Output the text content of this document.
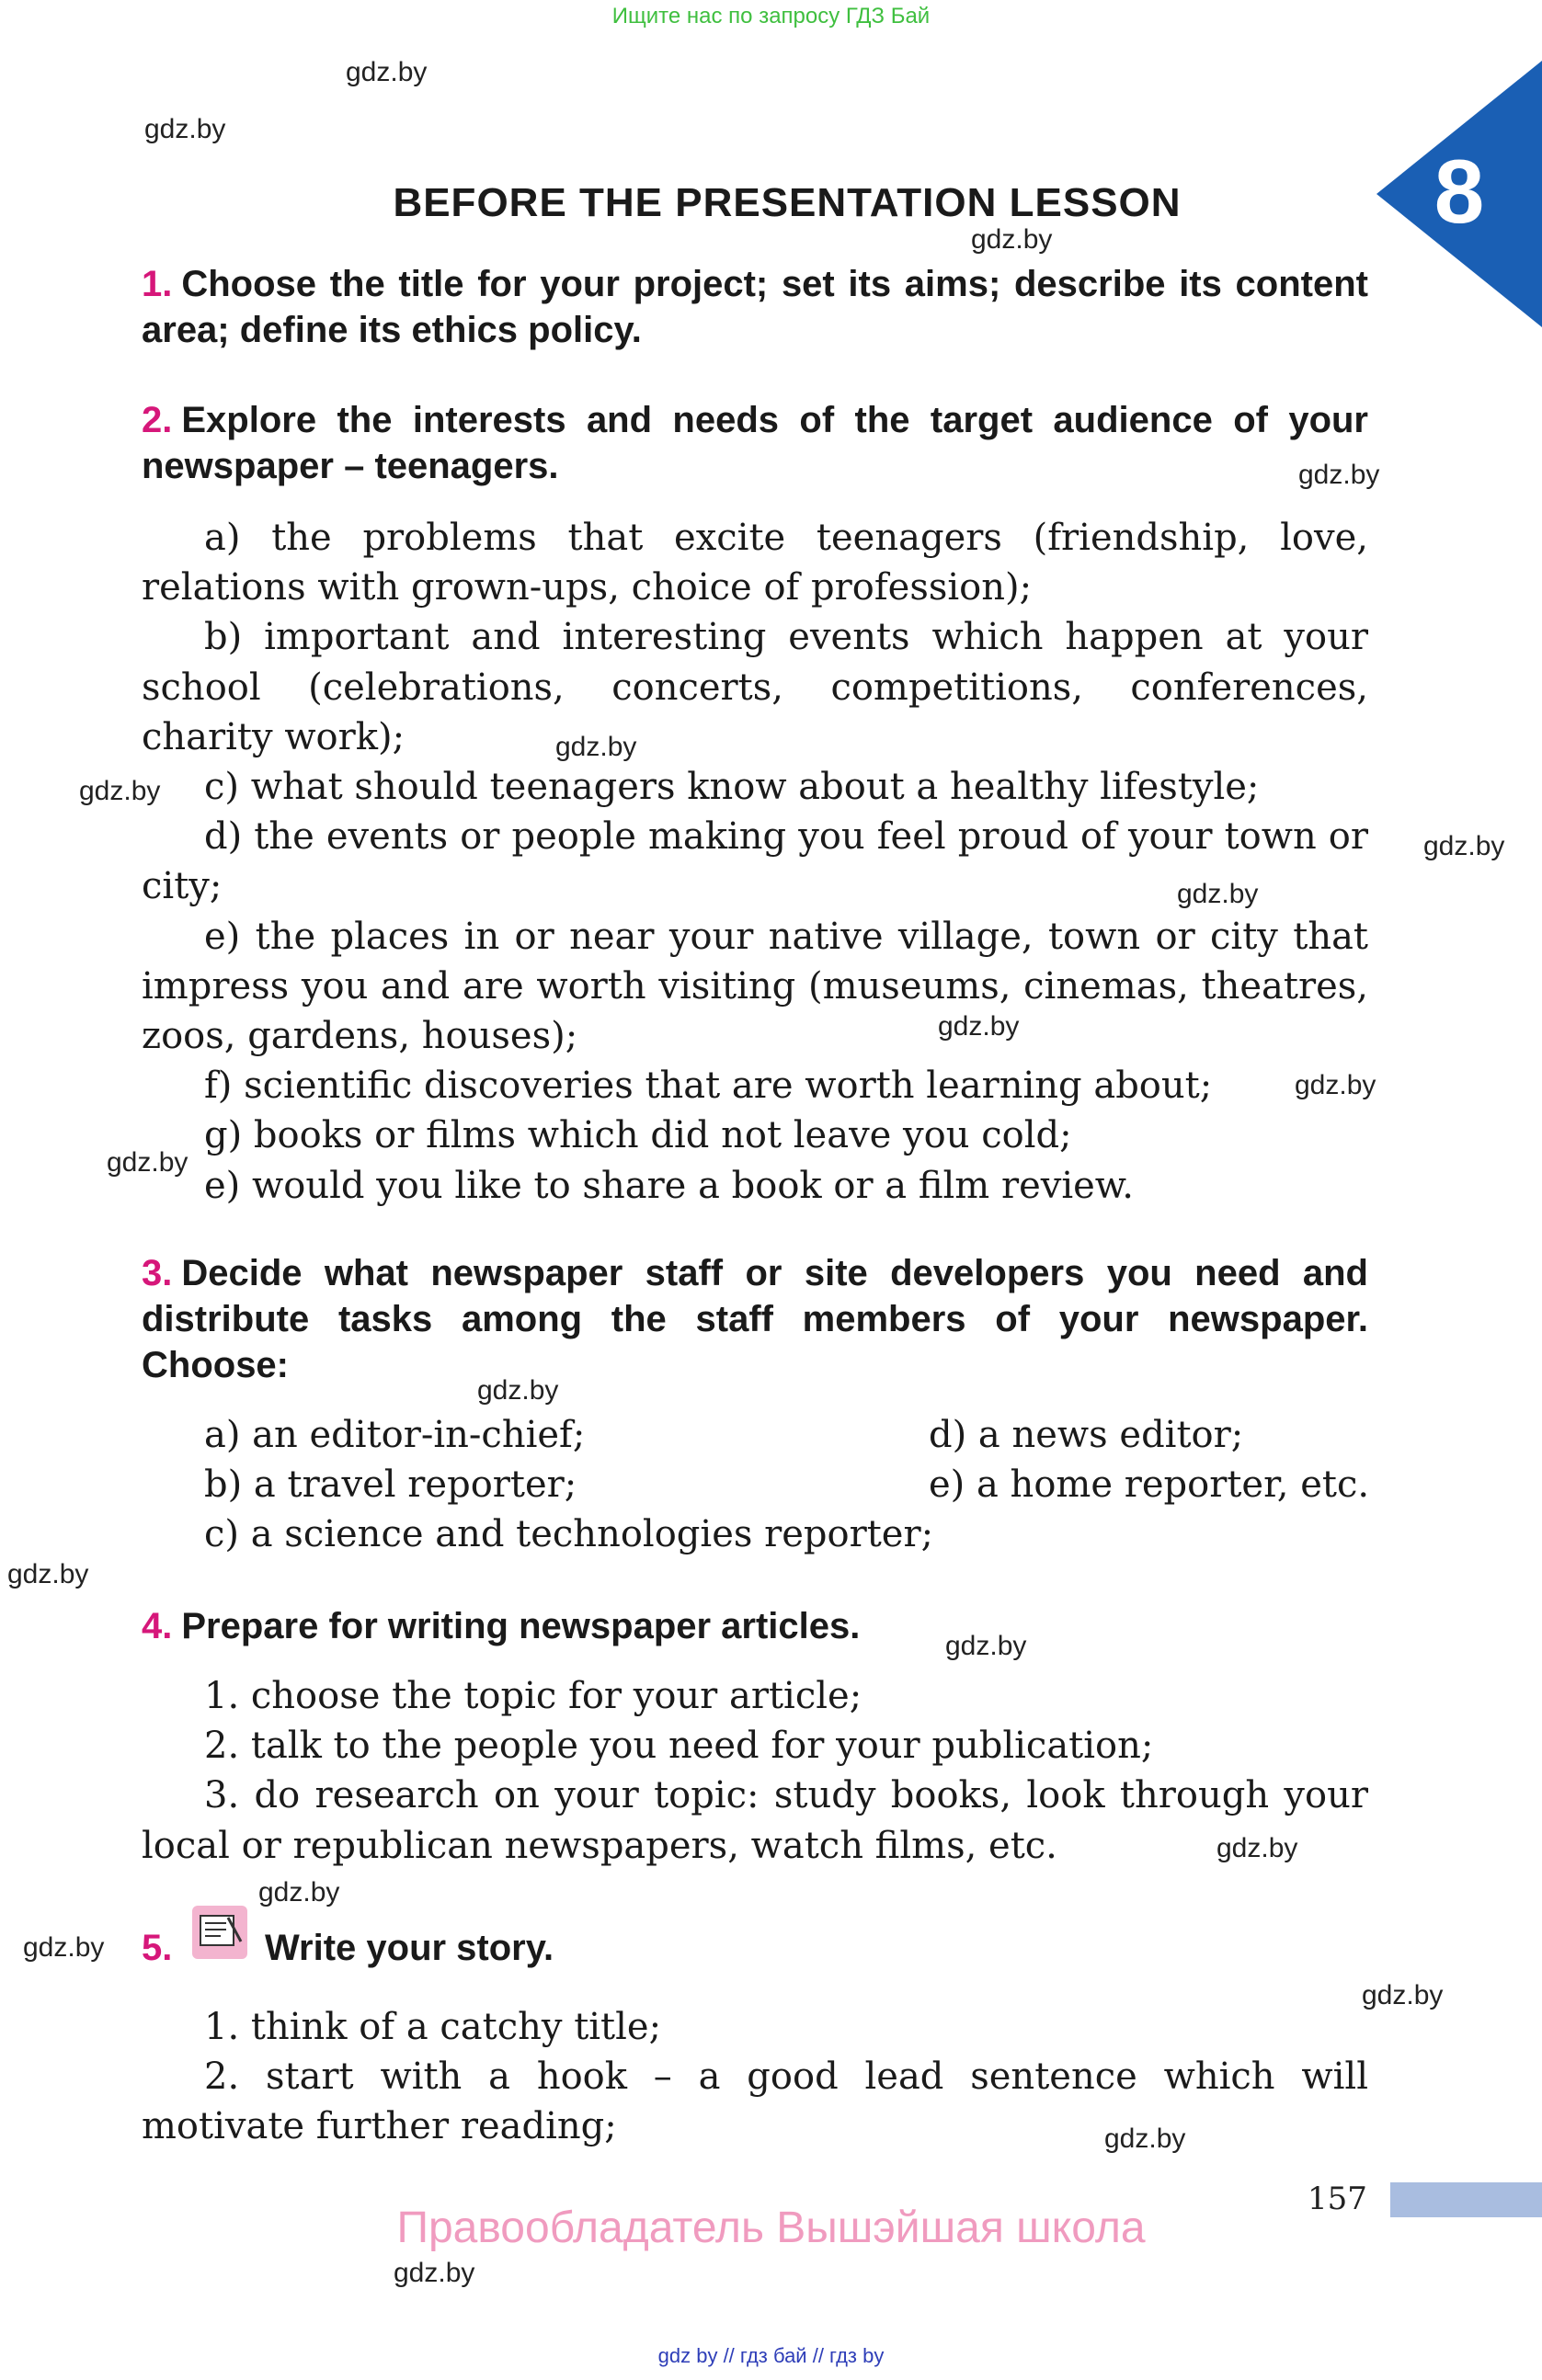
Ищите нас по запросу ГДЗ Бай
8
gdz.by
gdz.by
gdz.by
gdz.by
gdz.by
gdz.by
gdz.by
gdz.by
gdz.by
gdz.by
gdz.by
gdz.by
gdz.by
gdz.by
gdz.by
gdz.by
gdz.by
gdz.by
gdz.by
gdz.by
BEFORE THE PRESENTATION LESSON
1. Choose the title for your project; set its aims; describe its content area; define its ethics policy.
2. Explore the interests and needs of the target audience of your newspaper – teenagers.

a) the problems that excite teenagers (friendship, love, relations with grown-ups, choice of profession);

b) important and interesting events which happen at your school (celebrations, concerts, competitions, conferences, charity work);

c) what should teenagers know about a healthy lifestyle;

d) the events or people making you feel proud of your town or city;

e) the places in or near your native village, town or city that impress you and are worth visiting (museums, cinemas, theatres, zoos, gardens, houses);

f) scientific discoveries that are worth learning about;

g) books or films which did not leave you cold;

e) would you like to share a book or a film review.

3. Decide what newspaper staff or site developers you need and distribute tasks among the staff members of your newspaper. Choose:
a) an editor-in-chief;
b) a travel reporter;
c) a science and technologies reporter;
d) a news editor;
e) a home reporter, etc.
4. Prepare for writing newspaper articles.

1. choose the topic for your article;

2. talk to the people you need for your publication;

3. do research on your topic: study books, look through your local or republican newspapers, watch films, etc.

5.	Write your story.

1. think of a catchy title;

2. start with a hook – a good lead sentence which will motivate further reading;

157
Правообладатель Вышэйшая школа
gdz by // гдз бай // гдз by
